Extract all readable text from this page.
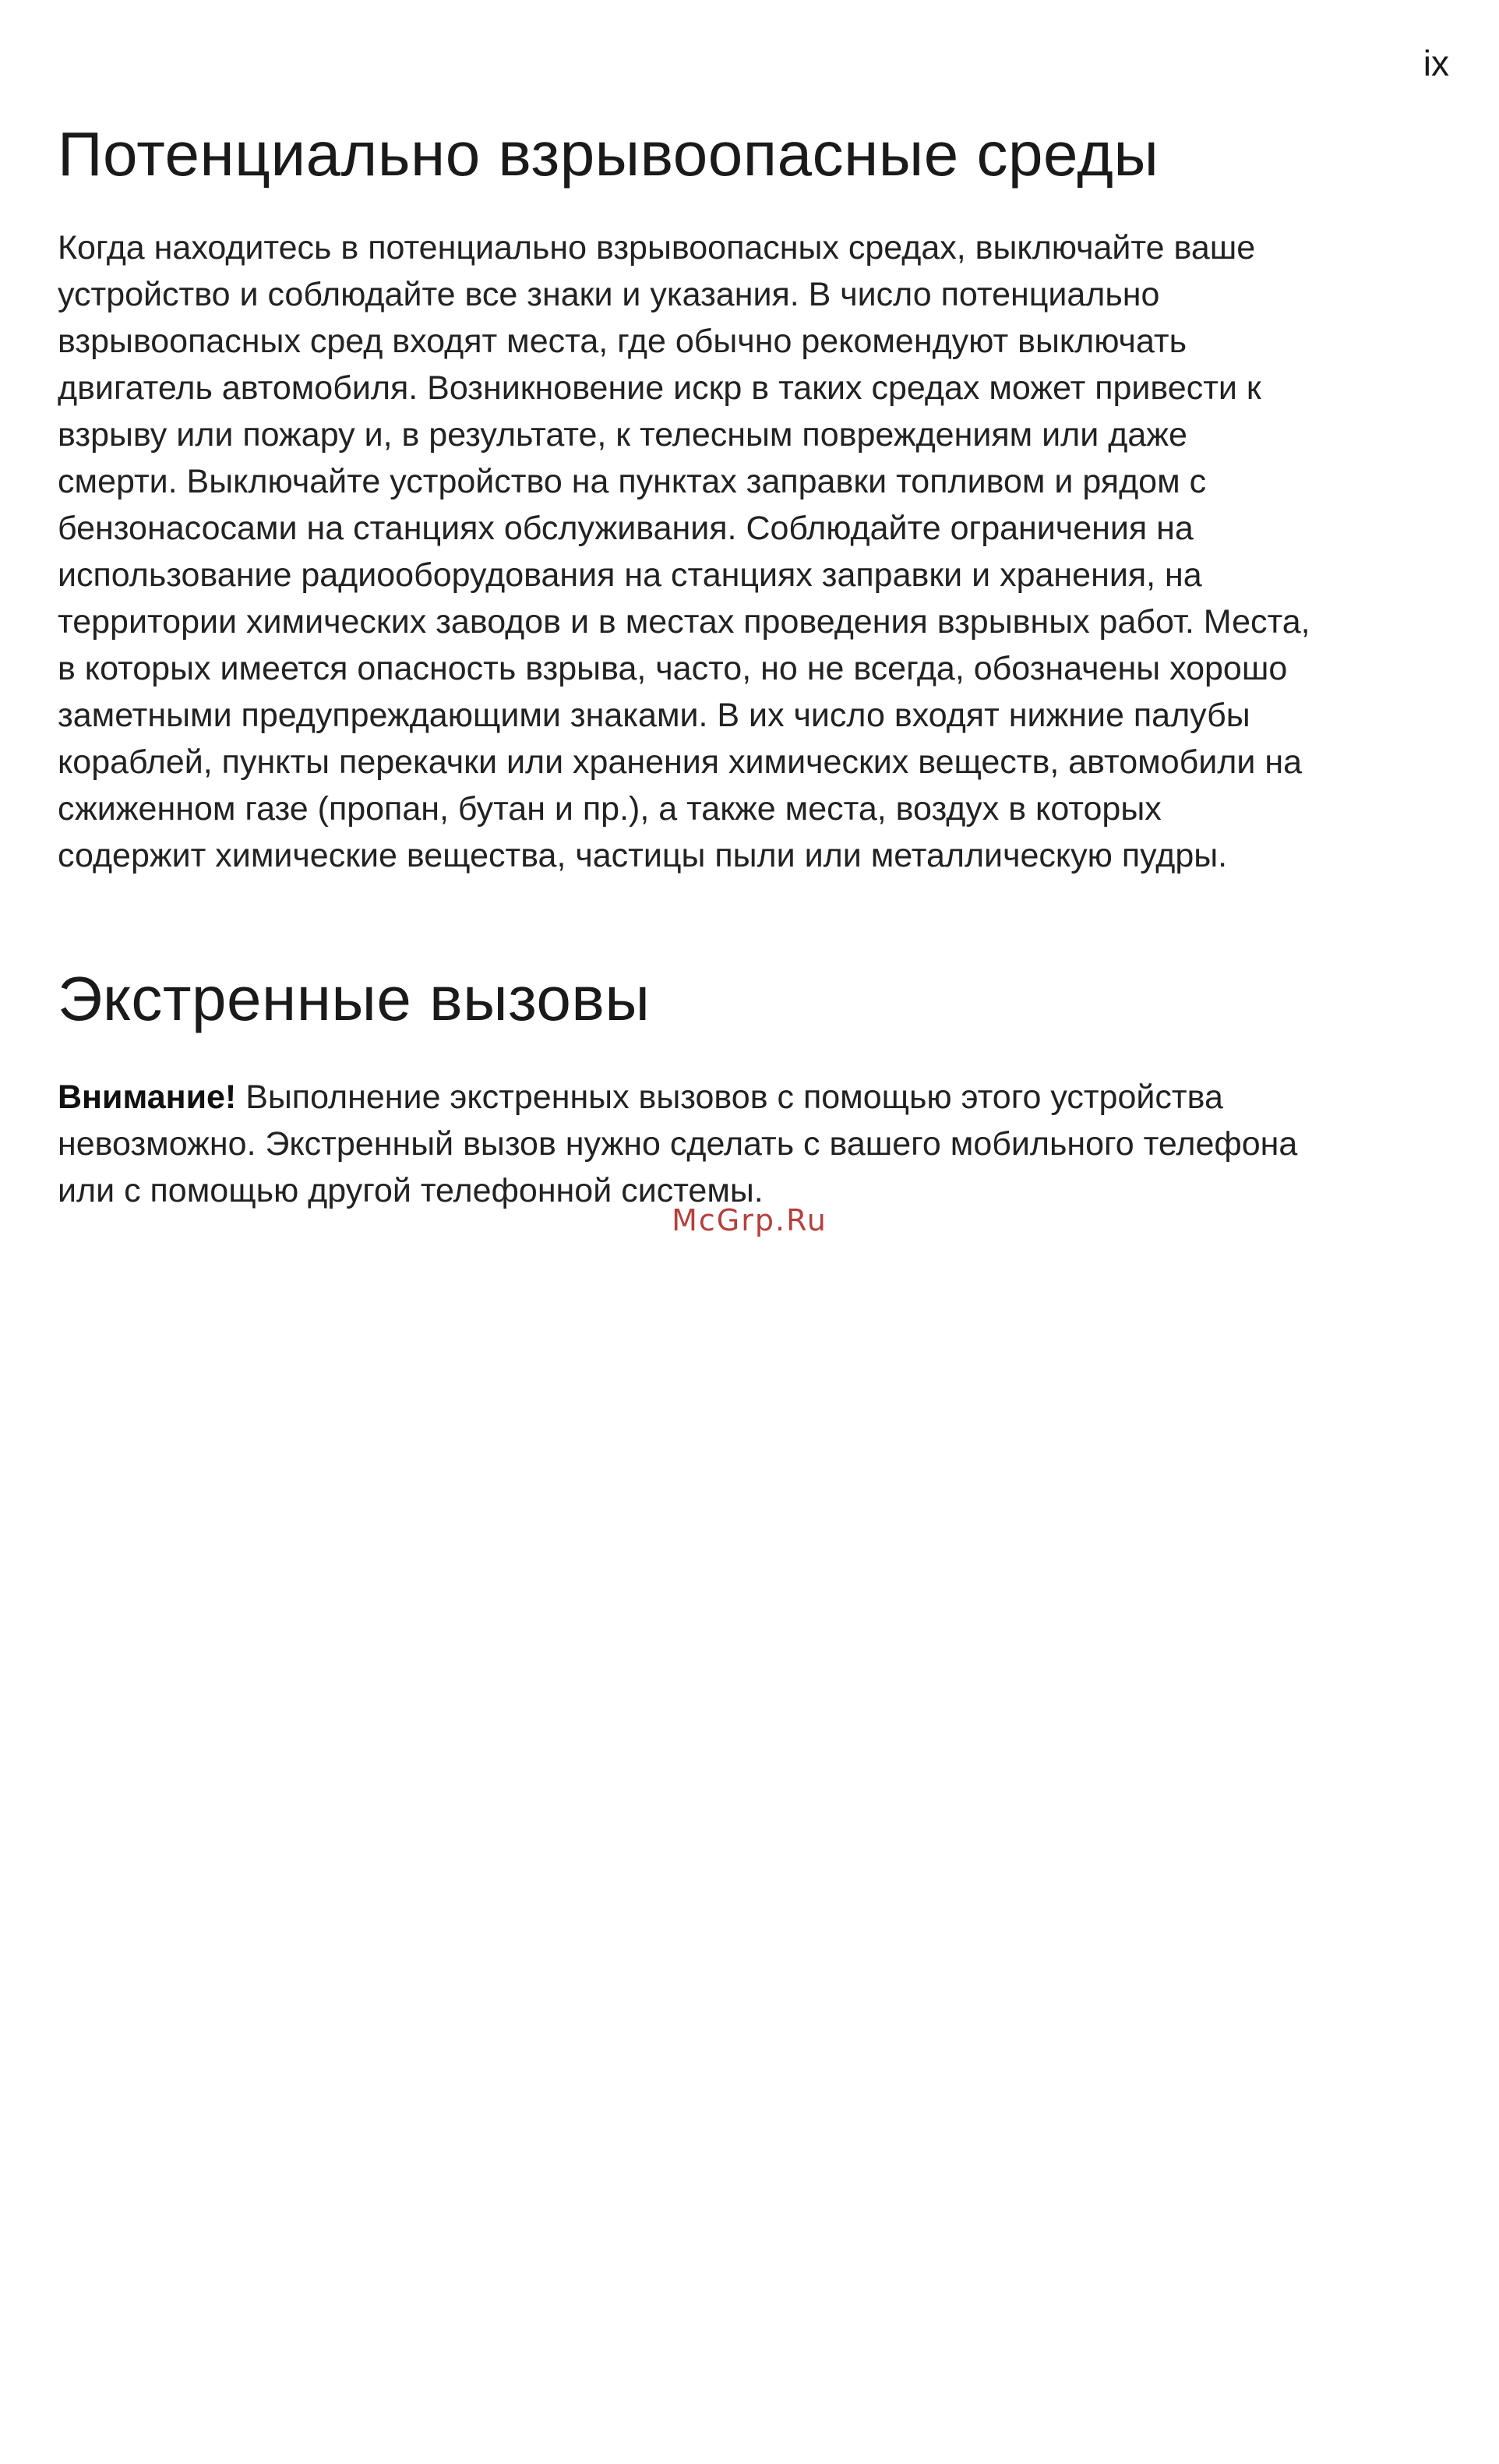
ix
Потенциально взрывоопасные среды

Когда находитесь в потенциально взрывоопасных средах, выключайте ваше
устройство и соблюдайте все знаки и указания. В число потенциально
взрывоопасных сред входят места, где обычно рекомендуют выключать
двигатель автомобиля. Возникновение искр в таких средах может привести к
взрыву или пожару и, в результате, к телесным повреждениям или даже
смерти. Выключайте устройство на пунктах заправки топливом и рядом с
бензонасосами на станциях обслуживания. Соблюдайте ограничения на
использование радиооборудования на станциях заправки и хранения, на
территории химических заводов и в местах проведения взрывных работ. Места,
в которых имеется опасность взрыва, часто, но не всегда, обозначены хорошо
заметными предупреждающими знаками. В их число входят нижние палубы
кораблей, пункты перекачки или хранения химических веществ, автомобили на
сжиженном газе (пропан, бутан и пр.), а также места, воздух в которых
содержит химические вещества, частицы пыли или металлическую пудры.

Экстренные вызовы

Внимание! Выполнение экстренных вызовов с помощью этого устройства
невозможно. Экстренный вызов нужно сделать с вашего мобильного телефона
или с помощью другой телефонной системы.

McGrp.Ru
